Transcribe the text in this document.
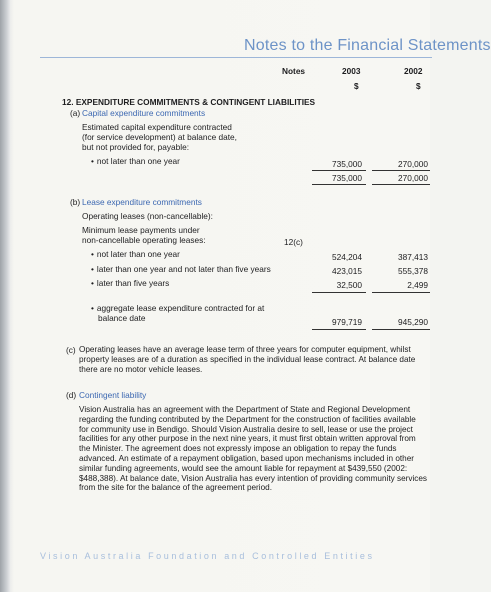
Notes to the Financial Statements
Notes	2003	2002
$	$
12. EXPENDITURE COMMITMENTS & CONTINGENT LIABILITIES
(a) Capital expenditure commitments
Estimated capital expenditure contracted
(for service development) at balance date,
but not provided for, payable:
• not later than one year	735,000	270,000
735,000	270,000
(b) Lease expenditure commitments
Operating leases (non-cancellable):
Minimum lease payments under
non-cancellable operating leases:	12(c)
• not later than one year	524,204	387,413
• later than one year and not later than five years	423,015	555,378
• later than five years	32,500	2,499
• aggregate lease expenditure contracted for at
balance date	979,719	945,290
(c) Operating leases have an average lease term of three years for computer equipment, whilst property leases are of a duration as specified in the individual lease contract. At balance date there are no motor vehicle leases.
(d) Contingent liability
Vision Australia has an agreement with the Department of State and Regional Development regarding the funding contributed by the Department for the construction of facilities available for community use in Bendigo. Should Vision Australia desire to sell, lease or use the project facilities for any other purpose in the next nine years, it must first obtain written approval from the Minister. The agreement does not expressly impose an obligation to repay the funds advanced. An estimate of a repayment obligation, based upon mechanisms included in other similar funding agreements, would see the amount liable for repayment at $439,550 (2002: $488,388). At balance date, Vision Australia has every intention of providing community services from the site for the balance of the agreement period.
Vision Australia Foundation and Controlled Entities
